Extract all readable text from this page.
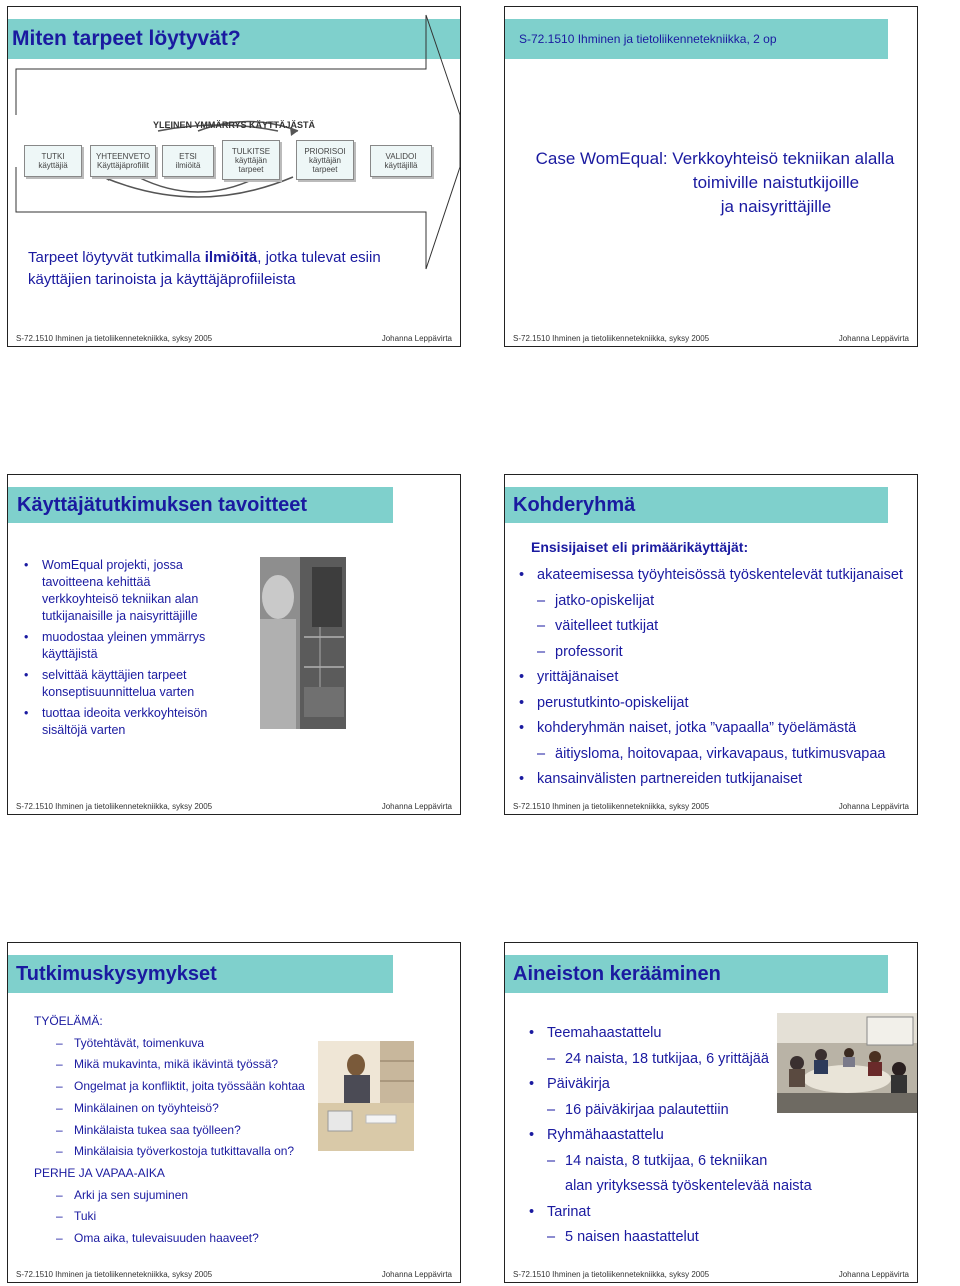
Miten tarpeet löytyvät?
YLEINEN YMMÄRRYS KÄYTTÄJÄSTÄ
TUTKI
käyttäjiä
YHTEENVETO
Käyttäjäprofiilit
ETSI
ilmiöitä
TULKITSE
käyttäjän
tarpeet
PRIORISOI
käyttäjän
tarpeet
VALIDOI
käyttäjillä
Tarpeet löytyvät tutkimalla ilmiöitä, jotka tulevat esiin käyttäjien tarinoista ja käyttäjäprofiileista
S-72.1510 Ihminen ja tietoliikennetekniikka, syksy 2005	Johanna Leppävirta
S-72.1510 Ihminen ja tietoliikennetekniikka, 2 op
Case WomEqual: Verkkoyhteisö tekniikan alalla
toimiville naistutkijoille
ja naisyrittäjille
S-72.1510 Ihminen ja tietoliikennetekniikka, syksy 2005	Johanna Leppävirta
Käyttäjätutkimuksen tavoitteet
• WomEqual projekti, jossa tavoitteena kehittää verkkoyhteisö tekniikan alan tutkijanaisille ja naisyrittäjille
• muodostaa yleinen ymmärrys käyttäjistä
• selvittää käyttäjien tarpeet konseptisuunnittelua varten
• tuottaa ideoita verkkoyhteisön sisältöjä varten
S-72.1510 Ihminen ja tietoliikennetekniikka, syksy 2005	Johanna Leppävirta
Kohderyhmä
Ensisijaiset eli primäärikäyttäjät:
• akateemisessa työyhteisössä työskentelevät tutkijanaiset
– jatko-opiskelijat
– väitelleet tutkijat
– professorit
• yrittäjänaiset
• perustutkinto-opiskelijat
• kohderyhmän naiset, jotka ”vapaalla” työelämästä
– äitiysloma, hoitovapaa, virkavapaus, tutkimusvapaa
• kansainvälisten partnereiden tutkijanaiset
S-72.1510 Ihminen ja tietoliikennetekniikka, syksy 2005	Johanna Leppävirta
Tutkimuskysymykset
TYÖELÄMÄ:
– Työtehtävät, toimenkuva
– Mikä mukavinta, mikä ikävintä työssä?
– Ongelmat ja konfliktit, joita työssään kohtaa
– Minkälainen on työyhteisö?
– Minkälaista tukea saa työlleen?
– Minkälaisia työverkostoja tutkittavalla on?
PERHE JA VAPAA-AIKA
– Arki ja sen sujuminen
– Tuki
– Oma aika, tulevaisuuden haaveet?
S-72.1510 Ihminen ja tietoliikennetekniikka, syksy 2005	Johanna Leppävirta
Aineiston kerääminen
• Teemahaastattelu
– 24 naista, 18 tutkijaa, 6 yrittäjää
• Päiväkirja
– 16 päiväkirjaa palautettiin
• Ryhmähaastattelu
– 14 naista, 8 tutkijaa, 6 tekniikan
alan yrityksessä työskentelevää naista
• Tarinat
– 5 naisen haastattelut
S-72.1510 Ihminen ja tietoliikennetekniikka, syksy 2005	Johanna Leppävirta
